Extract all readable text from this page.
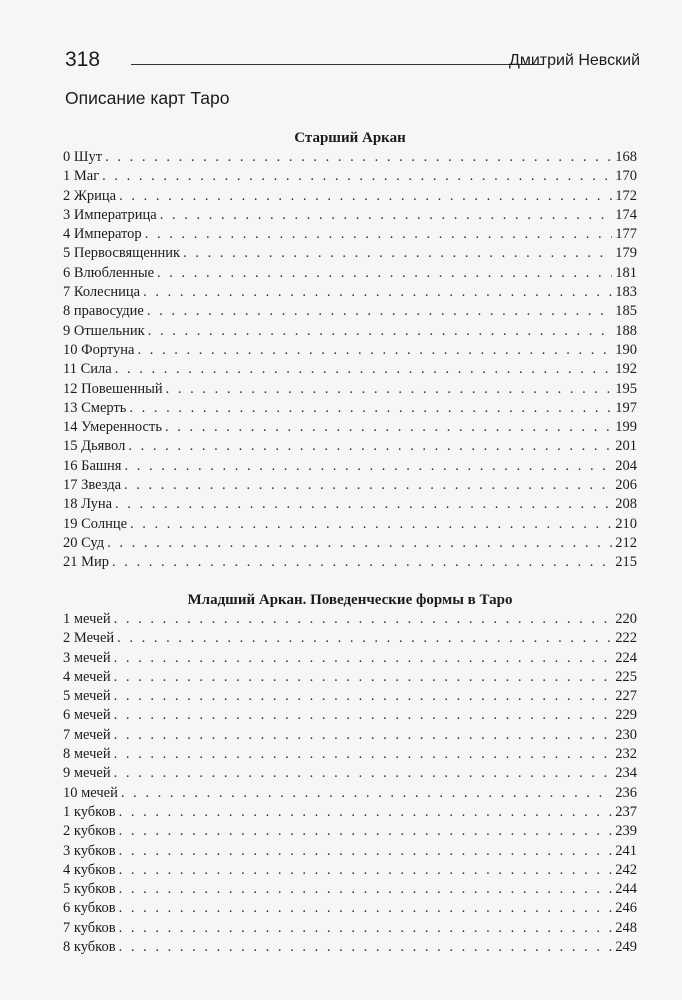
318	Дмитрий Невский
Описание карт Таро
Старший Аркан
0 Шут . . .	168
1 Маг . . .	170
2 Жрица . . .	172
3 Императрица . . .	174
4 Император . . .	177
5 Первосвященник . . .	179
6 Влюбленные . . .	181
7 Колесница . . .	183
8 правосудие . . .	185
9 Отшельник . . .	188
10 Фортуна . . .	190
11 Сила . . .	192
12 Повешенный . . .	195
13 Смерть . . .	197
14 Умеренность . . .	199
15 Дьявол . . .	201
16 Башня . . .	204
17 Звезда . . .	206
18 Луна . . .	208
19 Солнце . . .	210
20 Суд . . .	212
21 Мир . . .	215
Младший Аркан. Поведенческие формы в Таро
1 мечей . . .	220
2 Мечей . . .	222
3 мечей . . .	224
4 мечей . . .	225
5 мечей . . .	227
6 мечей . . .	229
7 мечей . . .	230
8 мечей . . .	232
9 мечей . . .	234
10 мечей . . .	236
1 кубков . . .	237
2 кубков . . .	239
3 кубков . . .	241
4 кубков . . .	242
5 кубков . . .	244
6 кубков . . .	246
7 кубков . . .	248
8 кубков . . .	249
